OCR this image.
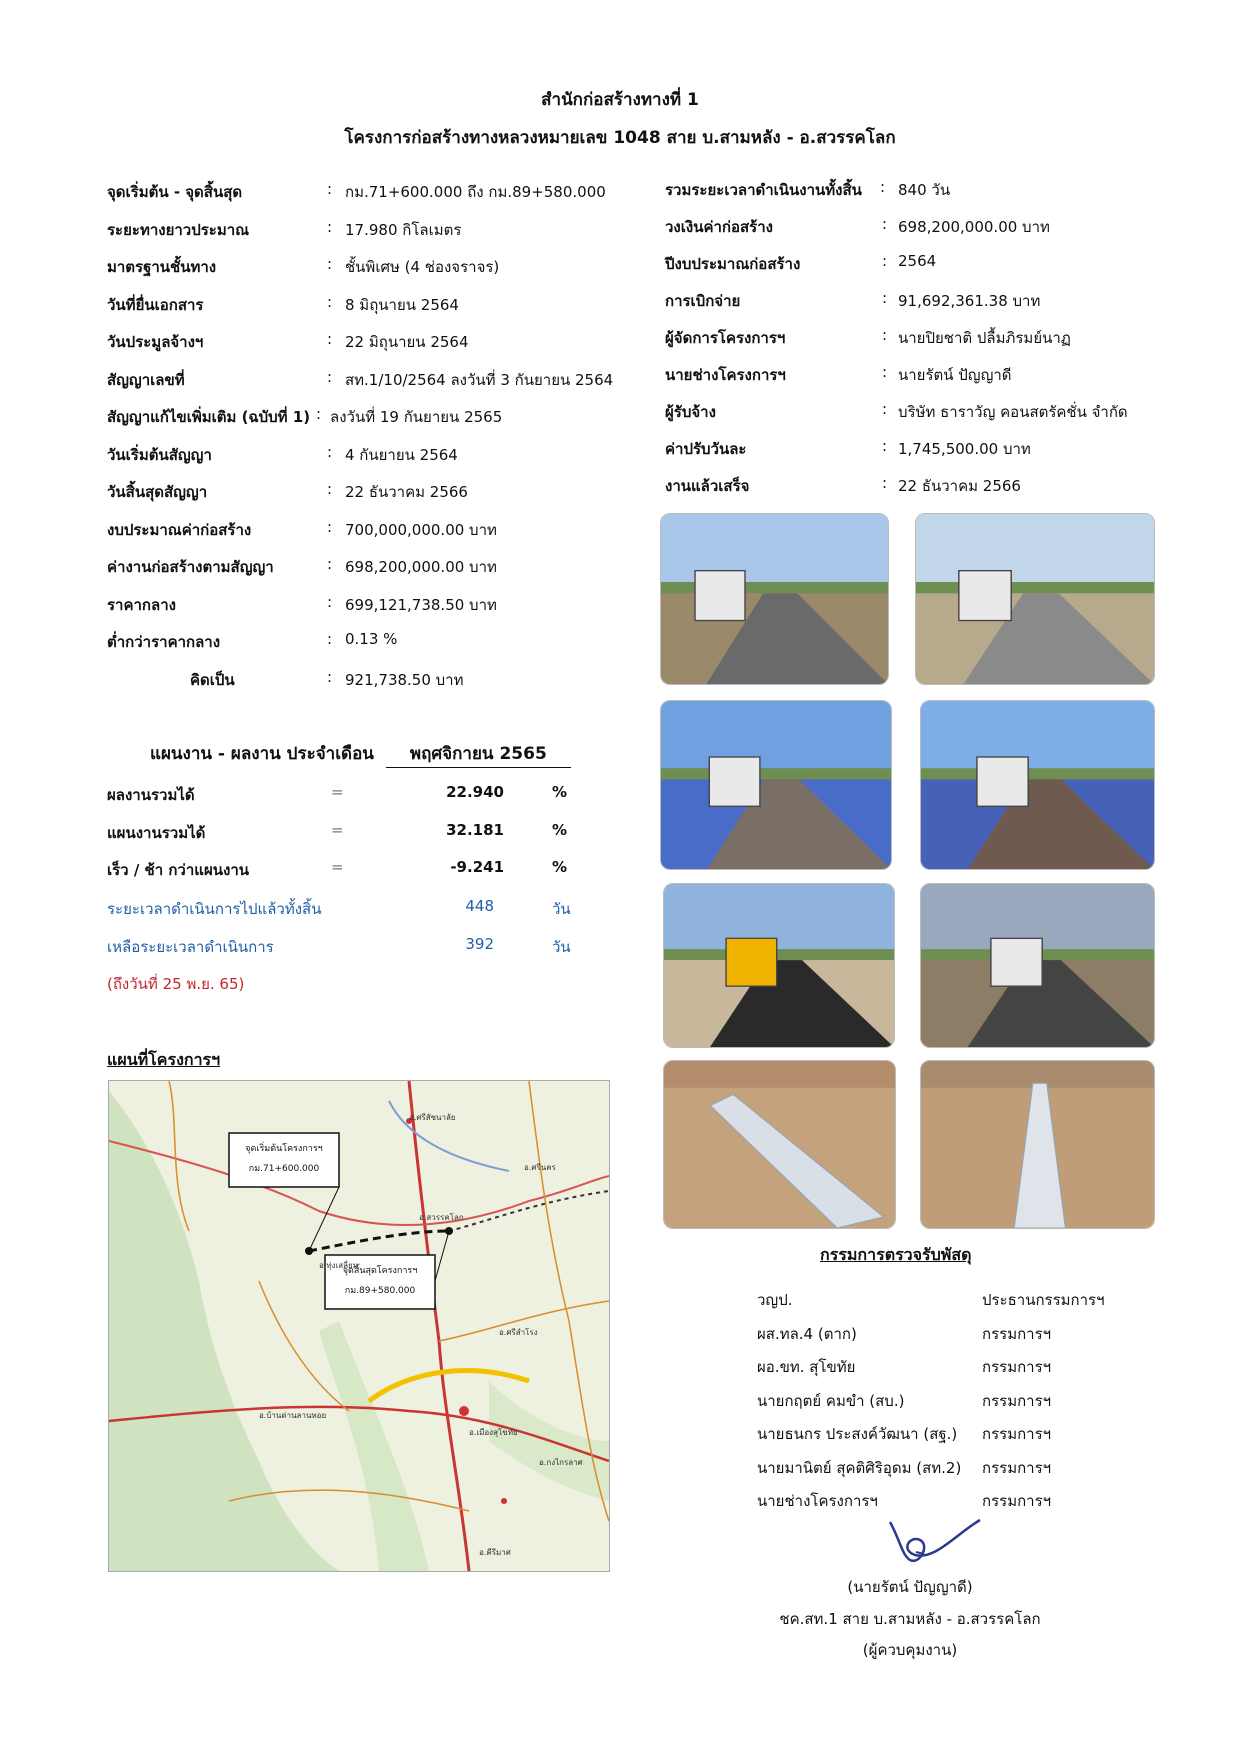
สำนักก่อสร้างทางที่ 1
โครงการก่อสร้างทางหลวงหมายเลข 1048 สาย บ.สามหลัง - อ.สวรรคโลก
จุดเริ่มต้น - จุดสิ้นสุด	: กม.71+600.000 ถึง กม.89+580.000
ระยะทางยาวประมาณ	: 17.980 กิโลเมตร
มาตรฐานชั้นทาง	: ชั้นพิเศษ (4 ช่องจราจร)
วันที่ยื่นเอกสาร	: 8 มิถุนายน 2564
วันประมูลจ้างฯ	: 22 มิถุนายน 2564
สัญญาเลขที่	: สท.1/10/2564 ลงวันที่ 3 กันยายน 2564
สัญญาแก้ไขเพิ่มเติม (ฉบับที่ 1) : ลงวันที่ 19 กันยายน 2565
วันเริ่มต้นสัญญา	: 4 กันยายน 2564
วันสิ้นสุดสัญญา	: 22 ธันวาคม 2566
งบประมาณค่าก่อสร้าง	: 700,000,000.00 บาท
ค่างานก่อสร้างตามสัญญา	: 698,200,000.00 บาท
ราคากลาง	: 699,121,738.50 บาท
ต่ำกว่าราคากลาง	: 0.13 %
คิดเป็น	: 921,738.50 บาท
รวมระยะเวลาดำเนินงานทั้งสิ้น : 840 วัน
วงเงินค่าก่อสร้าง	: 698,200,000.00 บาท
ปีงบประมาณก่อสร้าง	: 2564
การเบิกจ่าย	: 91,692,361.38 บาท
ผู้จัดการโครงการฯ	: นายปิยชาติ ปลื้มภิรมย์นาฏ
นายช่างโครงการฯ	: นายรัตน์ ปัญญาดี
ผู้รับจ้าง	: บริษัท ธาราวัญ คอนสตรัคชั่น จำกัด
ค่าปรับวันละ	: 1,745,500.00 บาท
งานแล้วเสร็จ	: 22 ธันวาคม 2566
แผนงาน - ผลงาน ประจำเดือน พฤศจิกายน 2565
ผลงานรวมได้	=	22.940	%
แผนงานรวมได้	=	32.181	%
เร็ว / ช้า กว่าแผนงาน	=	-9.241	%
ระยะเวลาดำเนินการไปแล้วทั้งสิ้น	448	วัน
เหลือระยะเวลาดำเนินการ	392	วัน
(ถึงวันที่ 25 พ.ย. 65)
แผนที่โครงการฯ
จุดเริ่มต้นโครงการฯ
กม.71+600.000
จุดสิ้นสุดโครงการฯ
กม.89+580.000
อ.ศรีสัชนาลัย
อ.ศรีนคร
อ.สวรรคโลก
อ.ทุ่งเสลี่ยม
อ.ศรีสำโรง
อ.บ้านด่านลานหอย
อ.เมืองสุโขทัย
อ.กงไกรลาศ
อ.คีรีมาศ
กรรมการตรวจรับพัสดุ
วญป.	ประธานกรรมการฯ
ผส.ทล.4 (ตาก)	กรรมการฯ
ผอ.ขท. สุโขทัย	กรรมการฯ
นายกฤตย์ คมขำ (สบ.)	กรรมการฯ
นายธนกร ประสงค์วัฒนา (สฐ.) กรรมการฯ
นายมานิตย์ สุคติศิริอุดม (สท.2) กรรมการฯ
นายช่างโครงการฯ	กรรมการฯ
(นายรัตน์ ปัญญาดี)
ชค.สท.1 สาย บ.สามหลัง - อ.สวรรคโลก
(ผู้ควบคุมงาน)
